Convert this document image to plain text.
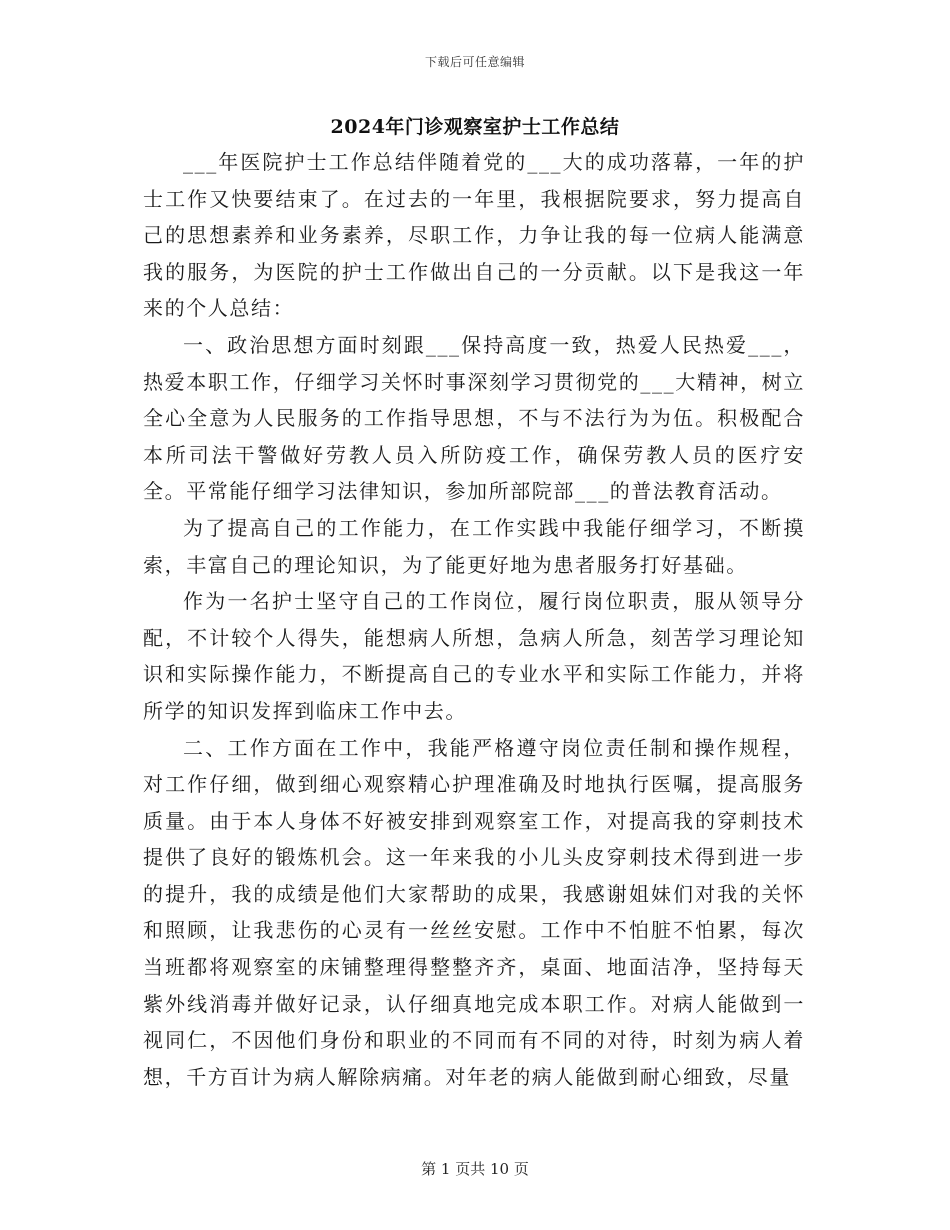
下载后可任意编辑
2024年门诊观察室护士工作总结

___年医院护士工作总结伴随着党的___大的成功落幕，一年的护士工作又快要结束了。在过去的一年里，我根据院要求，努力提高自己的思想素养和业务素养，尽职工作，力争让我的每一位病人能满意我的服务，为医院的护士工作做出自己的一分贡献。以下是我这一年来的个人总结：

一、政治思想方面时刻跟___保持高度一致，热爱人民热爱___，热爱本职工作，仔细学习关怀时事深刻学习贯彻党的___大精神，树立全心全意为人民服务的工作指导思想，不与不法行为为伍。积极配合本所司法干警做好劳教人员入所防疫工作，确保劳教人员的医疗安全。平常能仔细学习法律知识，参加所部院部___的普法教育活动。

为了提高自己的工作能力，在工作实践中我能仔细学习，不断摸索，丰富自己的理论知识，为了能更好地为患者服务打好基础。

作为一名护士坚守自己的工作岗位，履行岗位职责，服从领导分配，不计较个人得失，能想病人所想，急病人所急，刻苦学习理论知识和实际操作能力，不断提高自己的专业水平和实际工作能力，并将所学的知识发挥到临床工作中去。

二、工作方面在工作中，我能严格遵守岗位责任制和操作规程，对工作仔细，做到细心观察精心护理准确及时地执行医嘱，提高服务质量。由于本人身体不好被安排到观察室工作，对提高我的穿刺技术提供了良好的锻炼机会。这一年来我的小儿头皮穿刺技术得到进一步的提升，我的成绩是他们大家帮助的成果，我感谢姐妹们对我的关怀和照顾，让我悲伤的心灵有一丝丝安慰。工作中不怕脏不怕累，每次当班都将观察室的床铺整理得整整齐齐，桌面、地面洁净，坚持每天紫外线消毒并做好记录，认仔细真地完成本职工作。对病人能做到一视同仁，不因他们身份和职业的不同而有不同的对待，时刻为病人着想，千方百计为病人解除病痛。对年老的病人能做到耐心细致，尽量

第 1 页共 10 页
